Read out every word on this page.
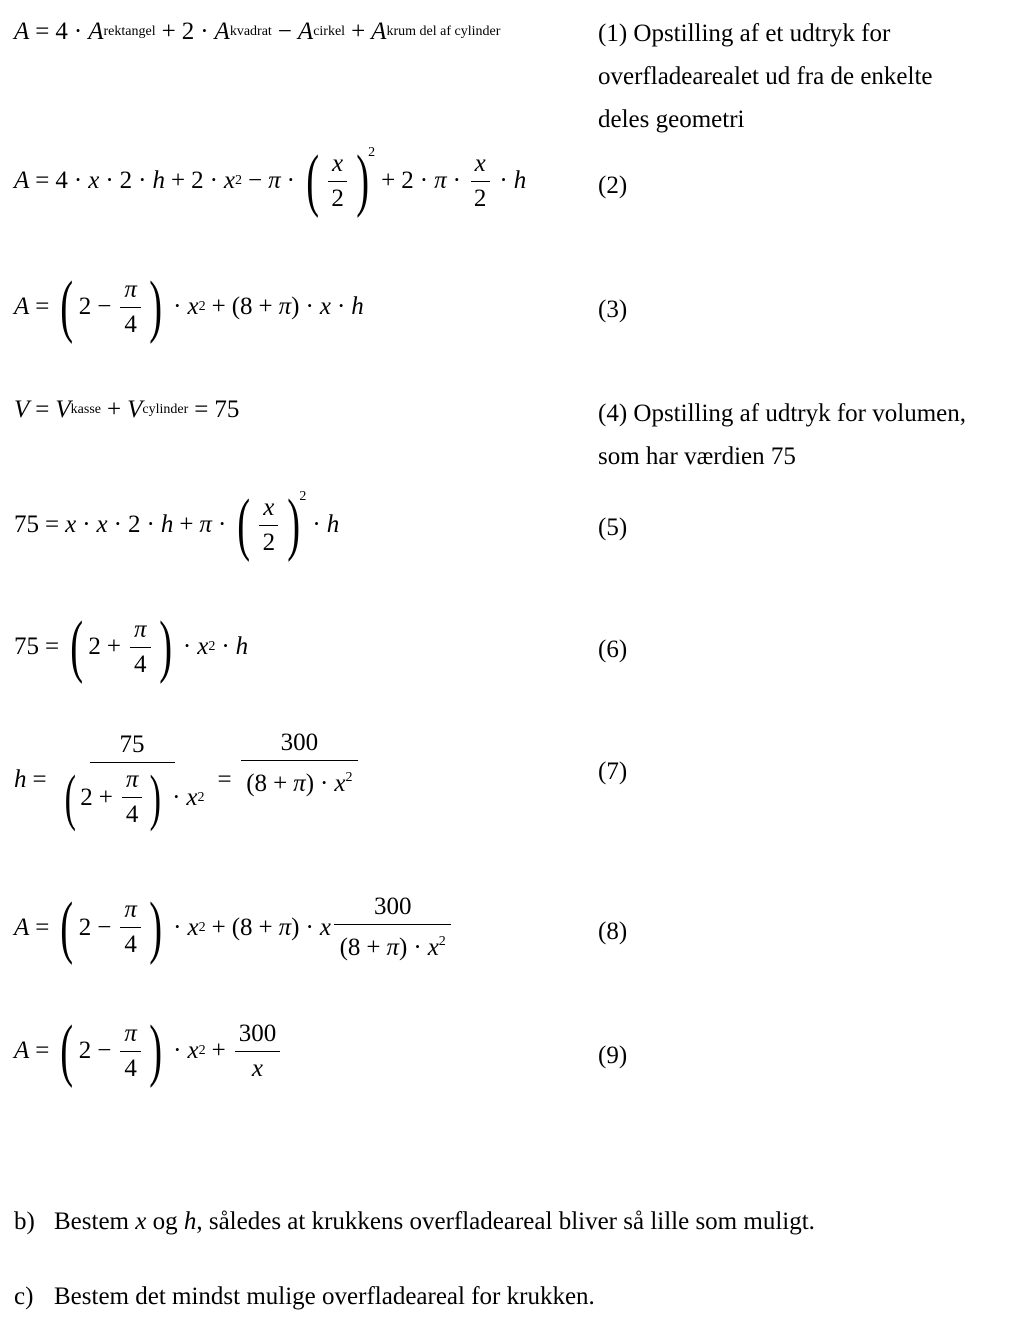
A = 4 · A rektangel + 2 · A kvadrat − A cirkel + A krum del af cylinder	(1) Opstilling af et udtryk for
overfladearealet ud fra de enkelte
deles geometri
A = 4 · x · 2 · h + 2 · x 2 − π · ( $\frac{x}{2}$ ) 2
+ $2 \cdot \pi \cdot \frac{x}{2} \cdot h$	(2)
A = ( $2 - \frac{\pi}{4}$ ) · x 2 + (8 + π ) · x · h	(3)
V = V kasse + V cylinder = 75	(4) Opstilling af udtryk for volumen,
som har værdien 75
75 = x · x · 2 · h + π · ( $\frac{x}{2}$ ) 2
· h	(5)
75 = ( $2 + \frac{\pi}{4}$ ) · x 2 · h	(6)
$h = \frac{75}{( 2 + \frac{\pi}{4} ) \cdot x 2} = \frac{300}{(8 + \pi) \cdot x^2}$	(7)
A = ( $2 - \frac{\pi}{4}$ ) · x 2 + (8 + π ) · x $\frac{300}{(8 + \pi) \cdot x^2}$	(8)
A = ( $2 - \frac{\pi}{4}$ ) · x $2 + \frac{300}{x}$	(9)
b) Bestem x og h, således at krukkens overfladeareal bliver så lille som muligt.
c) Bestem det mindst mulige overfladeareal for krukken.
